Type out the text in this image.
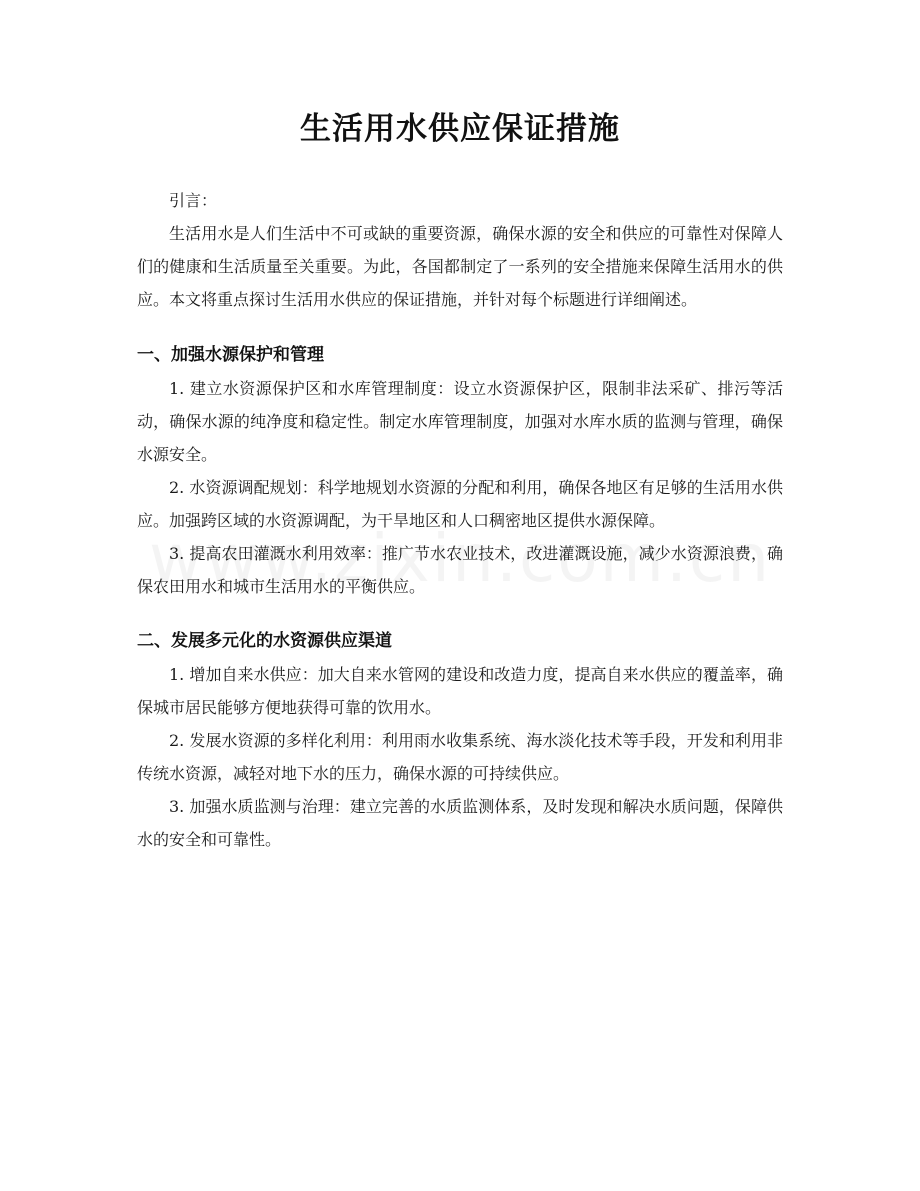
生活用水供应保证措施

引言：

生活用水是人们生活中不可或缺的重要资源，确保水源的安全和供应的可靠性对保障人们的健康和生活质量至关重要。为此，各国都制定了一系列的安全措施来保障生活用水的供应。本文将重点探讨生活用水供应的保证措施，并针对每个标题进行详细阐述。

一、加强水源保护和管理

1. 建立水资源保护区和水库管理制度：设立水资源保护区，限制非法采矿、排污等活动，确保水源的纯净度和稳定性。制定水库管理制度，加强对水库水质的监测与管理，确保水源安全。

2. 水资源调配规划：科学地规划水资源的分配和利用，确保各地区有足够的生活用水供应。加强跨区域的水资源调配，为干旱地区和人口稠密地区提供水源保障。

3. 提高农田灌溉水利用效率：推广节水农业技术，改进灌溉设施，减少水资源浪费，确保农田用水和城市生活用水的平衡供应。

二、发展多元化的水资源供应渠道

1. 增加自来水供应：加大自来水管网的建设和改造力度，提高自来水供应的覆盖率，确保城市居民能够方便地获得可靠的饮用水。

2. 发展水资源的多样化利用：利用雨水收集系统、海水淡化技术等手段，开发和利用非传统水资源，减轻对地下水的压力，确保水源的可持续供应。

3. 加强水质监测与治理：建立完善的水质监测体系，及时发现和解决水质问题，保障供水的安全和可靠性。
